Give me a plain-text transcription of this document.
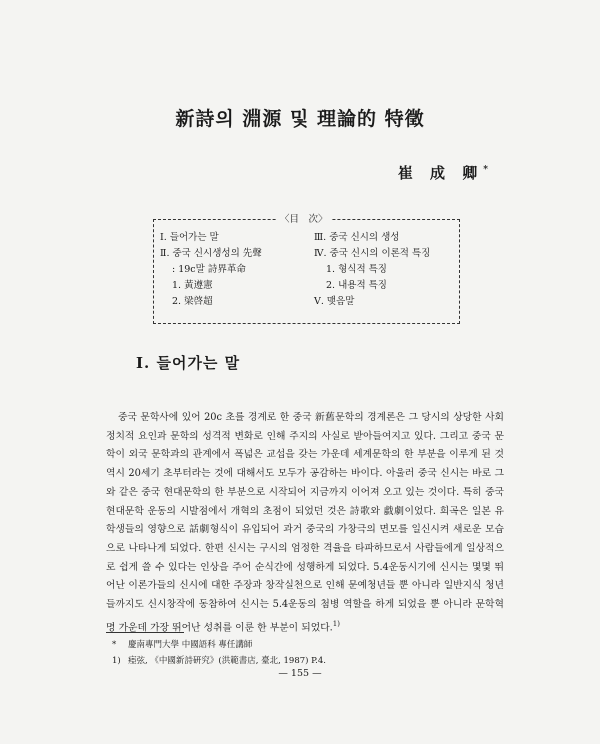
新詩의 淵源 및 理論的 特徵
崔 成 卿*
〈目　次〉
Ⅰ. 들어가는 말
Ⅱ. 중국 신시생성의 先聲
: 19c말 詩界革命
1. 黃遵憲
2. 梁啓超
Ⅲ. 중국 신시의 생성
Ⅳ. 중국 신시의 이론적 특징
1. 형식적 특징
2. 내용적 특징
Ⅴ. 맺음말
Ⅰ. 들어가는 말

중국 문학사에 있어 20c 초를 경계로 한 중국 新舊문학의 경계론은 그 당시의 상당한 사회 정치적 요인과 문학의 성격적 변화로 인해 주지의 사실로 받아들여지고 있다. 그리고 중국 문학이 외국 문학과의 관계에서 폭넓은 교섭을 갖는 가운데 세계문학의 한 부분을 이루게 된 것 역시 20세기 초부터라는 것에 대해서도 모두가 공감하는 바이다. 아울러 중국 신시는 바로 그와 같은 중국 현대문학의 한 부분으로 시작되어 지금까지 이어져 오고 있는 것이다. 특히 중국 현대문학 운동의 시발점에서 개혁의 초점이 되었던 것은 詩歌와 戱劇이었다. 희곡은 일본 유학생들의 영향으로 話劇형식이 유입되어 과거 중국의 가창극의 면모를 일신시켜 새로운 모습으로 나타나게 되었다. 한편 신시는 구시의 엄정한 격율을 타파하므로서 사람들에게 일상적으로 쉽게 쓸 수 있다는 인상을 주어 순식간에 성행하게 되었다. 5.4운동시기에 신시는 몇몇 뛰어난 이론가들의 신시에 대한 주장과 창작실천으로 인해 문예청년들 뿐 아니라 일반지식 청년들까지도 신시창작에 동참하여 신시는 5.4운동의 첨병 역할을 하게 되었을 뿐 아니라 문학혁명 가운데 가장 뛰어난 성취를 이룬 한 부분이 되었다.$^{1)}$

* 慶南專門大學 中國語科 專任講師
1) 瘂弦, 《中國新詩硏究》(洪範書店, 臺北, 1987) P.4.
— 155 —
